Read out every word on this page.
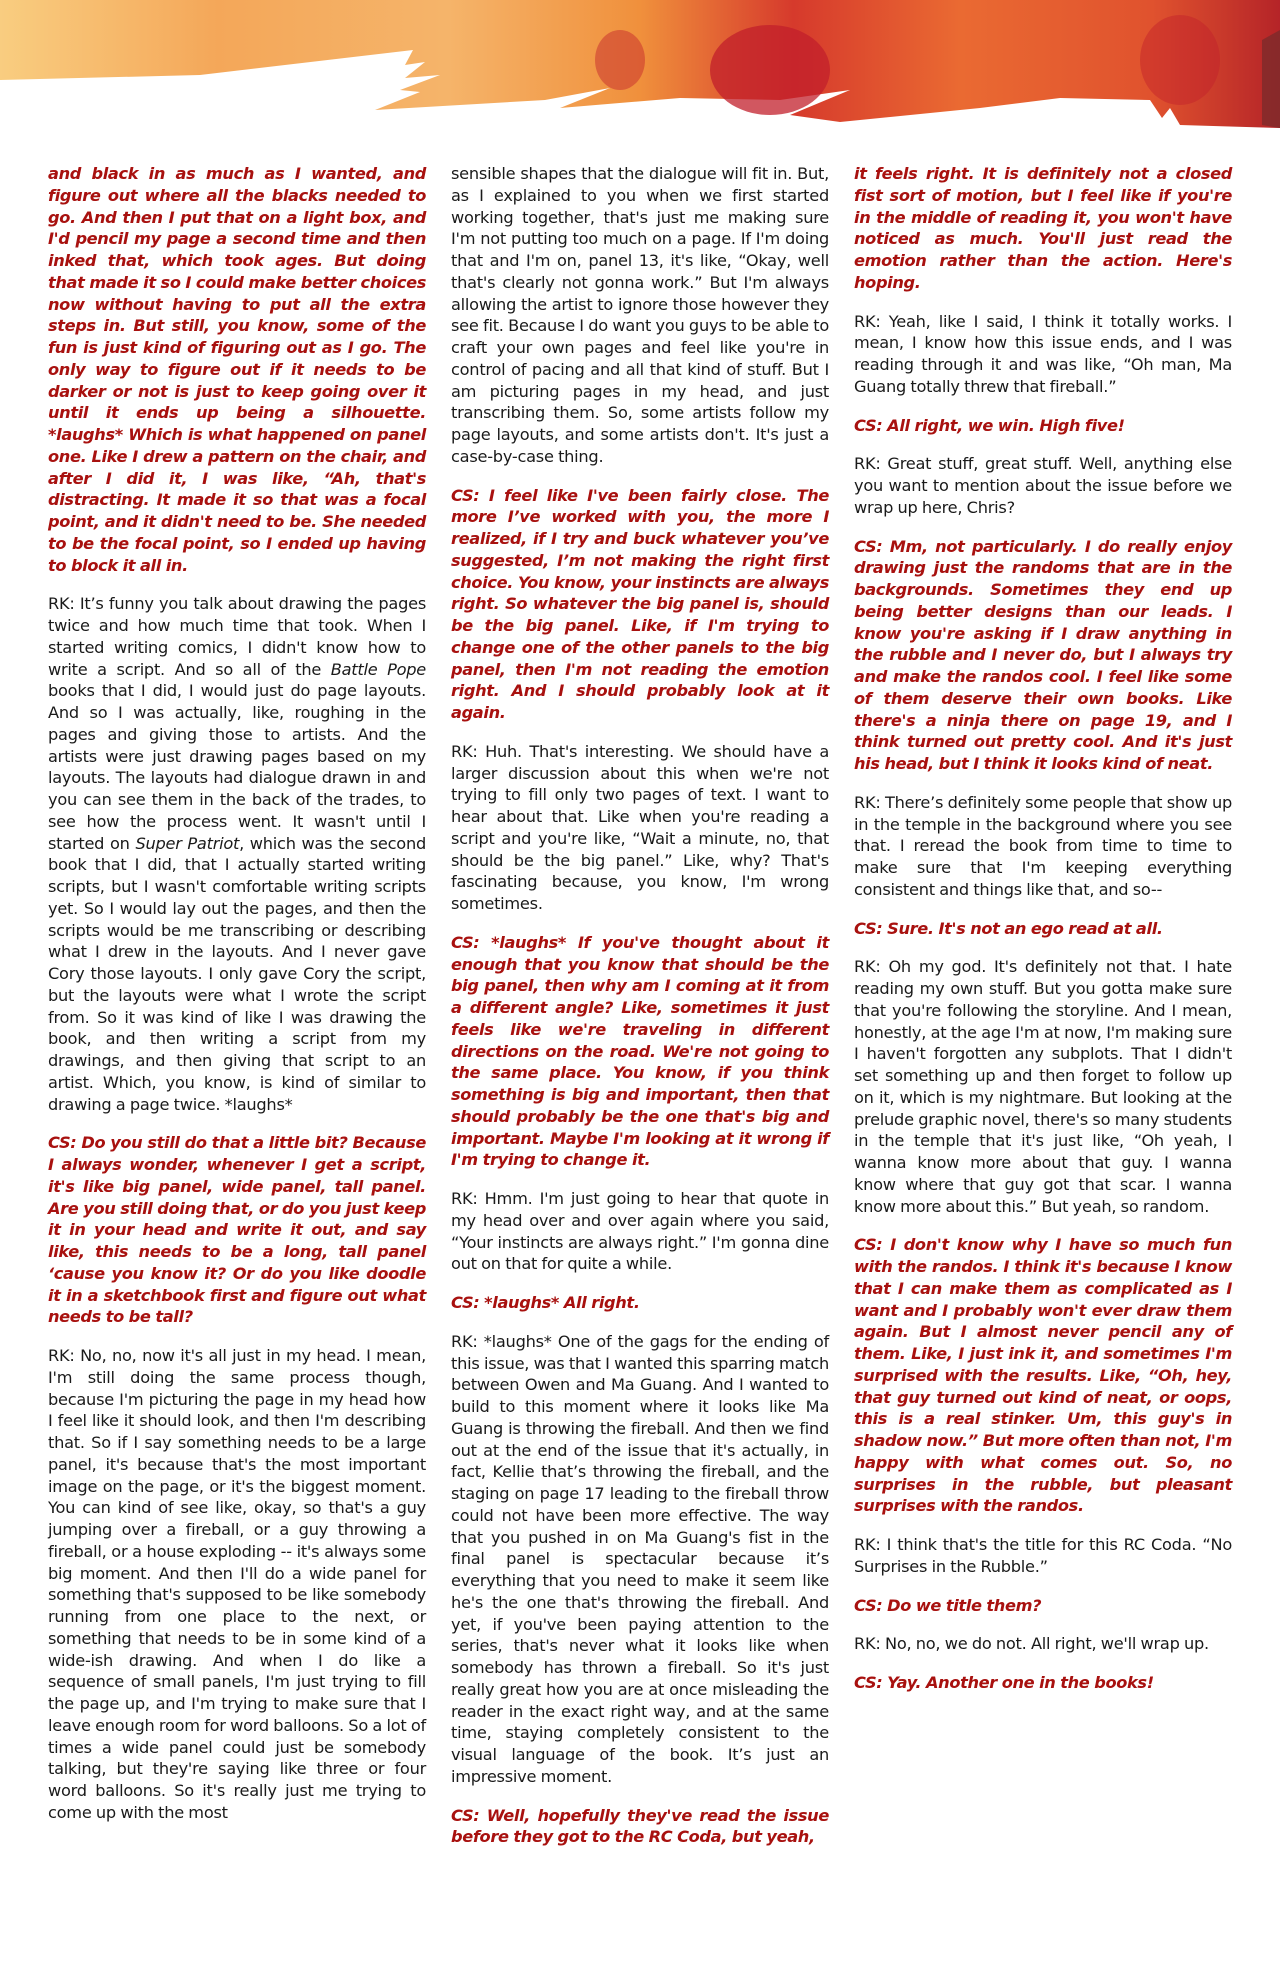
and black in as much as I wanted, and figure out where all the blacks needed to go. And then I put that on a light box, and I'd pencil my page a second time and then inked that, which took ages. But doing that made it so I could make better choices now without having to put all the extra steps in. But still, you know, some of the fun is just kind of figuring out as I go. The only way to figure out if it needs to be darker or not is just to keep going over it until it ends up being a silhouette. *laughs* Which is what happened on panel one. Like I drew a pattern on the chair, and after I did it, I was like, “Ah, that's distracting. It made it so that was a focal point, and it didn't need to be. She needed to be the focal point, so I ended up having to block it all in.

RK: It’s funny you talk about drawing the pages twice and how much time that took. When I started writing comics, I didn't know how to write a script. And so all of the Battle Pope books that I did, I would just do page layouts. And so I was actually, like, roughing in the pages and giving those to artists. And the artists were just drawing pages based on my layouts. The layouts had dialogue drawn in and you can see them in the back of the trades, to see how the process went. It wasn't until I started on Super Patriot, which was the second book that I did, that I actually started writing scripts, but I wasn't comfortable writing scripts yet. So I would lay out the pages, and then the scripts would be me transcribing or describing what I drew in the layouts. And I never gave Cory those layouts. I only gave Cory the script, but the layouts were what I wrote the script from. So it was kind of like I was drawing the book, and then writing a script from my drawings, and then giving that script to an artist. Which, you know, is kind of similar to drawing a page twice. *laughs*

CS: Do you still do that a little bit? Because I always wonder, whenever I get a script, it's like big panel, wide panel, tall panel. Are you still doing that, or do you just keep it in your head and write it out, and say like, this needs to be a long, tall panel ‘cause you know it? Or do you like doodle it in a sketchbook first and figure out what needs to be tall?

RK: No, no, now it's all just in my head. I mean, I'm still doing the same process though, because I'm picturing the page in my head how I feel like it should look, and then I'm describing that. So if I say something needs to be a large panel, it's because that's the most important image on the page, or it's the biggest moment. You can kind of see like, okay, so that's a guy jumping over a fireball, or a guy throwing a fireball, or a house exploding -- it's always some big moment. And then I'll do a wide panel for something that's supposed to be like somebody running from one place to the next, or something that needs to be in some kind of a wide-ish drawing. And when I do like a sequence of small panels, I'm just trying to fill the page up, and I'm trying to make sure that I leave enough room for word balloons. So a lot of times a wide panel could just be somebody talking, but they're saying like three or four word balloons. So it's really just me trying to come up with the most

sensible shapes that the dialogue will fit in. But, as I explained to you when we first started working together, that's just me making sure I'm not putting too much on a page. If I'm doing that and I'm on, panel 13, it's like, “Okay, well that's clearly not gonna work.” But I'm always allowing the artist to ignore those however they see fit. Because I do want you guys to be able to craft your own pages and feel like you're in control of pacing and all that kind of stuff. But I am picturing pages in my head, and just transcribing them. So, some artists follow my page layouts, and some artists don't. It's just a case-by-case thing.

CS: I feel like I've been fairly close. The more I’ve worked with you, the more I realized, if I try and buck whatever you’ve suggested, I’m not making the right first choice. You know, your instincts are always right. So whatever the big panel is, should be the big panel. Like, if I'm trying to change one of the other panels to the big panel, then I'm not reading the emotion right. And I should probably look at it again.

RK: Huh. That's interesting. We should have a larger discussion about this when we're not trying to fill only two pages of text. I want to hear about that. Like when you're reading a script and you're like, “Wait a minute, no, that should be the big panel.” Like, why? That's fascinating because, you know, I'm wrong sometimes.

CS: *laughs* If you've thought about it enough that you know that should be the big panel, then why am I coming at it from a different angle? Like, sometimes it just feels like we're traveling in different directions on the road. We're not going to the same place. You know, if you think something is big and important, then that should probably be the one that's big and important. Maybe I'm looking at it wrong if I'm trying to change it.

RK: Hmm. I'm just going to hear that quote in my head over and over again where you said, “Your instincts are always right.” I'm gonna dine out on that for quite a while.

CS: *laughs* All right.

RK: *laughs* One of the gags for the ending of this issue, was that I wanted this sparring match between Owen and Ma Guang. And I wanted to build to this moment where it looks like Ma Guang is throwing the fireball. And then we find out at the end of the issue that it's actually, in fact, Kellie that’s throwing the fireball, and the staging on page 17 leading to the fireball throw could not have been more effective. The way that you pushed in on Ma Guang's fist in the final panel is spectacular because it’s everything that you need to make it seem like he's the one that's throwing the fireball. And yet, if you've been paying attention to the series, that's never what it looks like when somebody has thrown a fireball. So it's just really great how you are at once misleading the reader in the exact right way, and at the same time, staying completely consistent to the visual language of the book. It’s just an impressive moment.

CS: Well, hopefully they've read the issue before they got to the RC Coda, but yeah,

it feels right. It is definitely not a closed fist sort of motion, but I feel like if you're in the middle of reading it, you won't have noticed as much. You'll just read the emotion rather than the action. Here's hoping.

RK: Yeah, like I said, I think it totally works. I mean, I know how this issue ends, and I was reading through it and was like, “Oh man, Ma Guang totally threw that fireball.”

CS: All right, we win. High five!

RK: Great stuff, great stuff. Well, anything else you want to mention about the issue before we wrap up here, Chris?

CS: Mm, not particularly. I do really enjoy drawing just the randoms that are in the backgrounds. Sometimes they end up being better designs than our leads. I know you're asking if I draw anything in the rubble and I never do, but I always try and make the randos cool. I feel like some of them deserve their own books. Like there's a ninja there on page 19, and I think turned out pretty cool. And it's just his head, but I think it looks kind of neat.

RK: There’s definitely some people that show up in the temple in the background where you see that. I reread the book from time to time to make sure that I'm keeping everything consistent and things like that, and so--

CS: Sure. It's not an ego read at all.

RK: Oh my god. It's definitely not that. I hate reading my own stuff. But you gotta make sure that you're following the storyline. And I mean, honestly, at the age I'm at now, I'm making sure I haven't forgotten any subplots. That I didn't set something up and then forget to follow up on it, which is my nightmare. But looking at the prelude graphic novel, there's so many students in the temple that it's just like, “Oh yeah, I wanna know more about that guy. I wanna know where that guy got that scar. I wanna know more about this.” But yeah, so random.

CS: I don't know why I have so much fun with the randos. I think it's because I know that I can make them as complicated as I want and I probably won't ever draw them again. But I almost never pencil any of them. Like, I just ink it, and sometimes I'm surprised with the results. Like, “Oh, hey, that guy turned out kind of neat, or oops, this is a real stinker. Um, this guy's in shadow now.” But more often than not, I'm happy with what comes out. So, no surprises in the rubble, but pleasant surprises with the randos.

RK: I think that's the title for this RC Coda. “No Surprises in the Rubble.”

CS: Do we title them?

RK: No, no, we do not. All right, we'll wrap up.

CS: Yay. Another one in the books!
